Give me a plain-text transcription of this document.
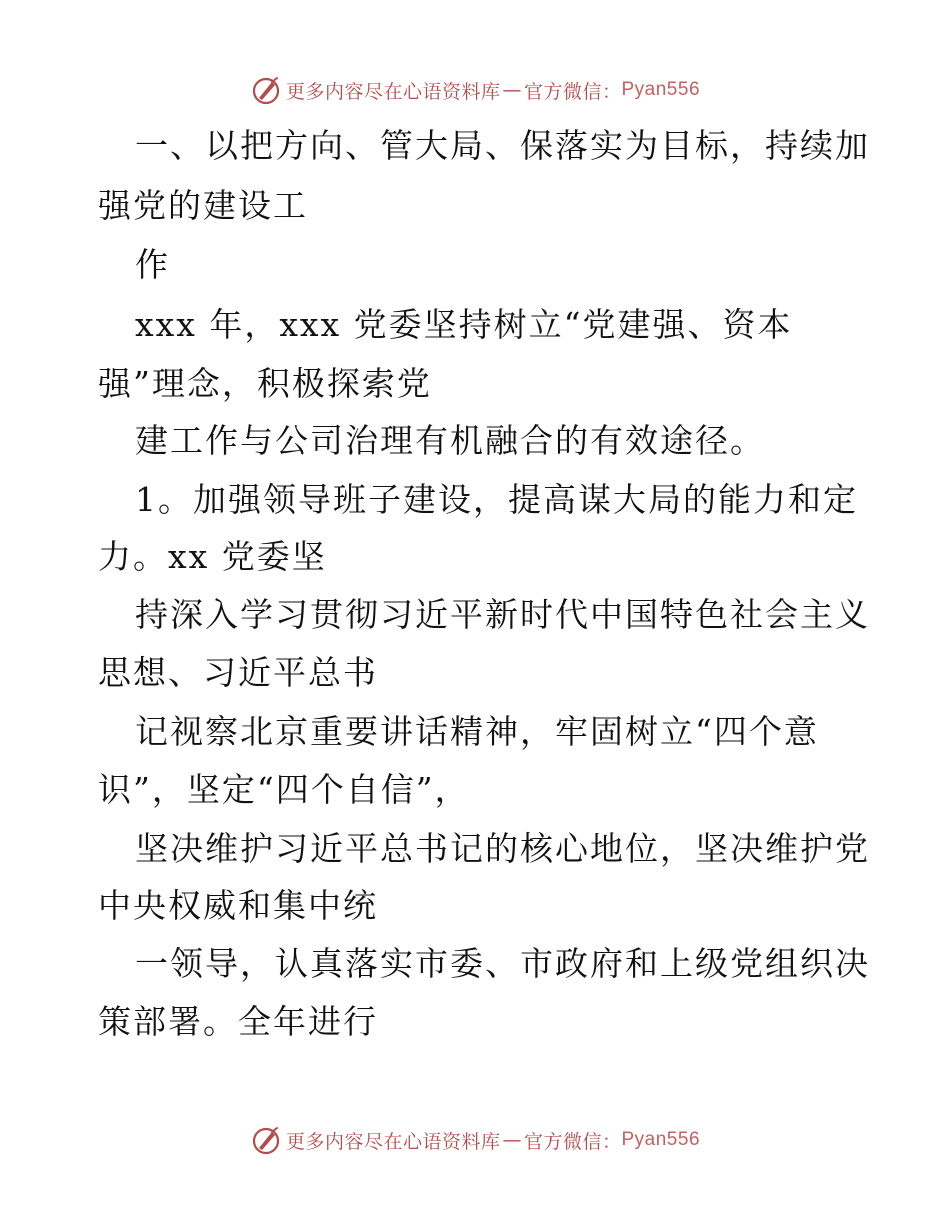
更多内容尽在心语资料库 — 官方微信： Pyan556
一、以把方向、管大局、保落实为目标，持续加
强党的建设工
作
xxx 年，xxx 党委坚持树立“党建强、资本
强”理念，积极探索党
建工作与公司治理有机融合的有效途径。
1。加强领导班子建设，提高谋大局的能力和定
力。xx 党委坚
持深入学习贯彻习近平新时代中国特色社会主义
思想、习近平总书
记视察北京重要讲话精神，牢固树立“四个意
识”，坚定“四个自信”，
坚决维护习近平总书记的核心地位，坚决维护党
中央权威和集中统
一领导，认真落实市委、市政府和上级党组织决
策部署。全年进行
更多内容尽在心语资料库 — 官方微信： Pyan556
